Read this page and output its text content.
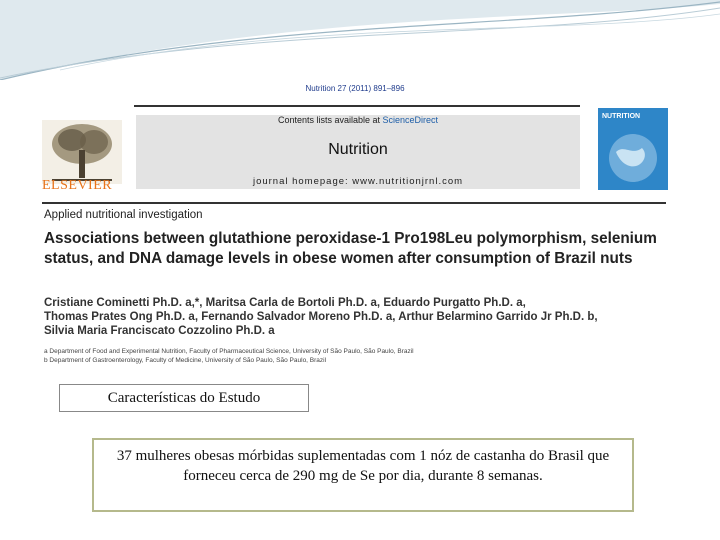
Nutrition 27 (2011) 891–896
ELSEVIER
Contents lists available at ScienceDirect
Nutrition
journal homepage: www.nutritionjrnl.com
NUTRITION
Applied nutritional investigation
Associations between glutathione peroxidase-1 Pro198Leu polymorphism, selenium status, and DNA damage levels in obese women after consumption of Brazil nuts
Cristiane Cominetti Ph.D. a,*, Maritsa Carla de Bortoli Ph.D. a, Eduardo Purgatto Ph.D. a,
Thomas Prates Ong Ph.D. a, Fernando Salvador Moreno Ph.D. a, Arthur Belarmino Garrido Jr Ph.D. b,
Silvia Maria Franciscato Cozzolino Ph.D. a
a Department of Food and Experimental Nutrition, Faculty of Pharmaceutical Science, University of São Paulo, São Paulo, Brazil
b Department of Gastroenterology, Faculty of Medicine, University of São Paulo, São Paulo, Brazil
Características do Estudo
37 mulheres obesas mórbidas suplementadas com 1 nóz de castanha do Brasil que forneceu cerca de 290 mg de Se por dia, durante 8 semanas.
